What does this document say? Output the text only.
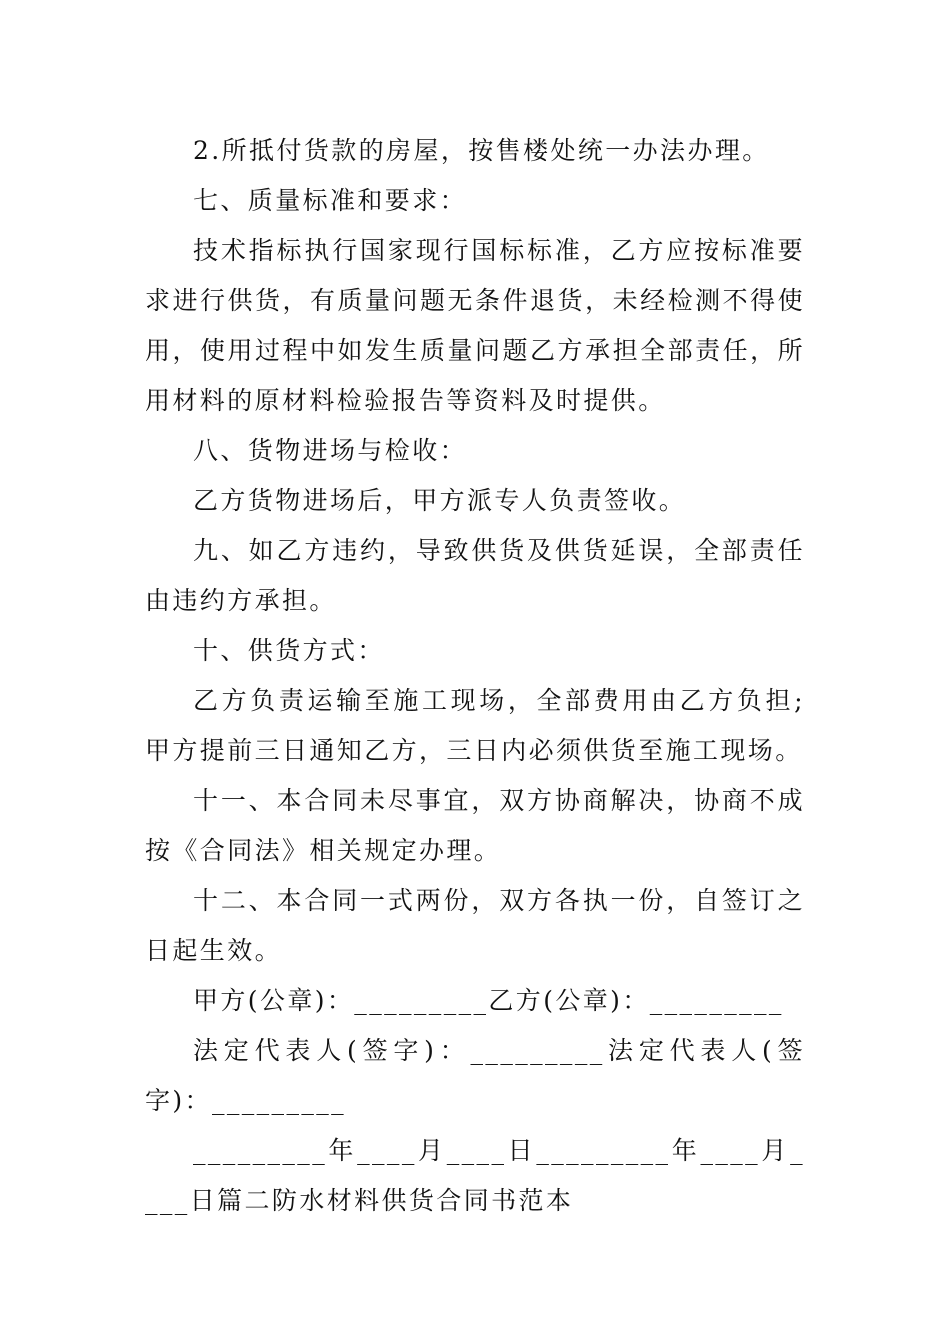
2.所抵付货款的房屋，按售楼处统一办法办理。

七、质量标准和要求：

技术指标执行国家现行国标标准，乙方应按标准要求进行供货，有质量问题无条件退货，未经检测不得使用，使用过程中如发生质量问题乙方承担全部责任，所用材料的原材料检验报告等资料及时提供。

八、货物进场与检收：

乙方货物进场后，甲方派专人负责签收。

九、如乙方违约，导致供货及供货延误，全部责任由违约方承担。

十、供货方式：

乙方负责运输至施工现场，全部费用由乙方负担;甲方提前三日通知乙方，三日内必须供货至施工现场。

十一、本合同未尽事宜，双方协商解决，协商不成按《合同法》相关规定办理。

十二、本合同一式两份，双方各执一份，自签订之日起生效。

甲方(公章)：_________乙方(公章)：_________

法定代表人(签字)：_________法定代表人(签字)：_________

_________年____月____日_________年____月____日篇二防水材料供货合同书范本
